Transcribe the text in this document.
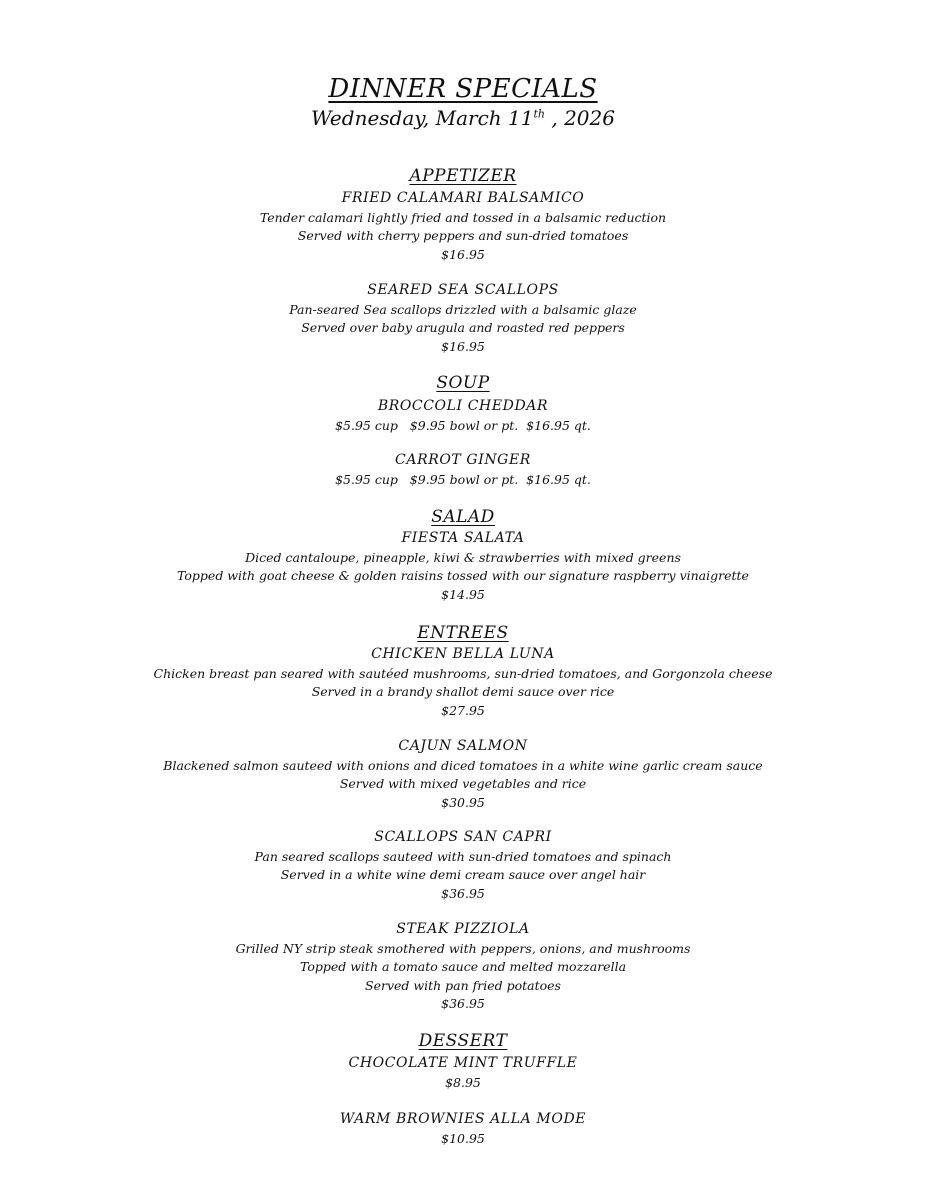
DINNER SPECIALS
Wednesday, March 11th , 2026
APPETIZER
FRIED CALAMARI BALSAMICO
Tender calamari lightly fried and tossed in a balsamic reduction
Served with cherry peppers and sun-dried tomatoes
$16.95
SEARED SEA SCALLOPS
Pan-seared Sea scallops drizzled with a balsamic glaze
Served over baby arugula and roasted red peppers
$16.95
SOUP
BROCCOLI CHEDDAR
$5.95 cup   $9.95 bowl or pt.  $16.95 qt.
CARROT GINGER
$5.95 cup   $9.95 bowl or pt.  $16.95 qt.
SALAD
FIESTA SALATA
Diced cantaloupe, pineapple, kiwi & strawberries with mixed greens
Topped with goat cheese & golden raisins tossed with our signature raspberry vinaigrette
$14.95
ENTREES
CHICKEN BELLA LUNA
Chicken breast pan seared with sautéed mushrooms, sun-dried tomatoes, and Gorgonzola cheese
Served in a brandy shallot demi sauce over rice
$27.95
CAJUN SALMON
Blackened salmon sauteed with onions and diced tomatoes in a white wine garlic cream sauce
Served with mixed vegetables and rice
$30.95
SCALLOPS SAN CAPRI
Pan seared scallops sauteed with sun-dried tomatoes and spinach
Served in a white wine demi cream sauce over angel hair
$36.95
STEAK PIZZIOLA
Grilled NY strip steak smothered with peppers, onions, and mushrooms
Topped with a tomato sauce and melted mozzarella
Served with pan fried potatoes
$36.95
DESSERT
CHOCOLATE MINT TRUFFLE
$8.95
WARM BROWNIES ALLA MODE
$10.95
